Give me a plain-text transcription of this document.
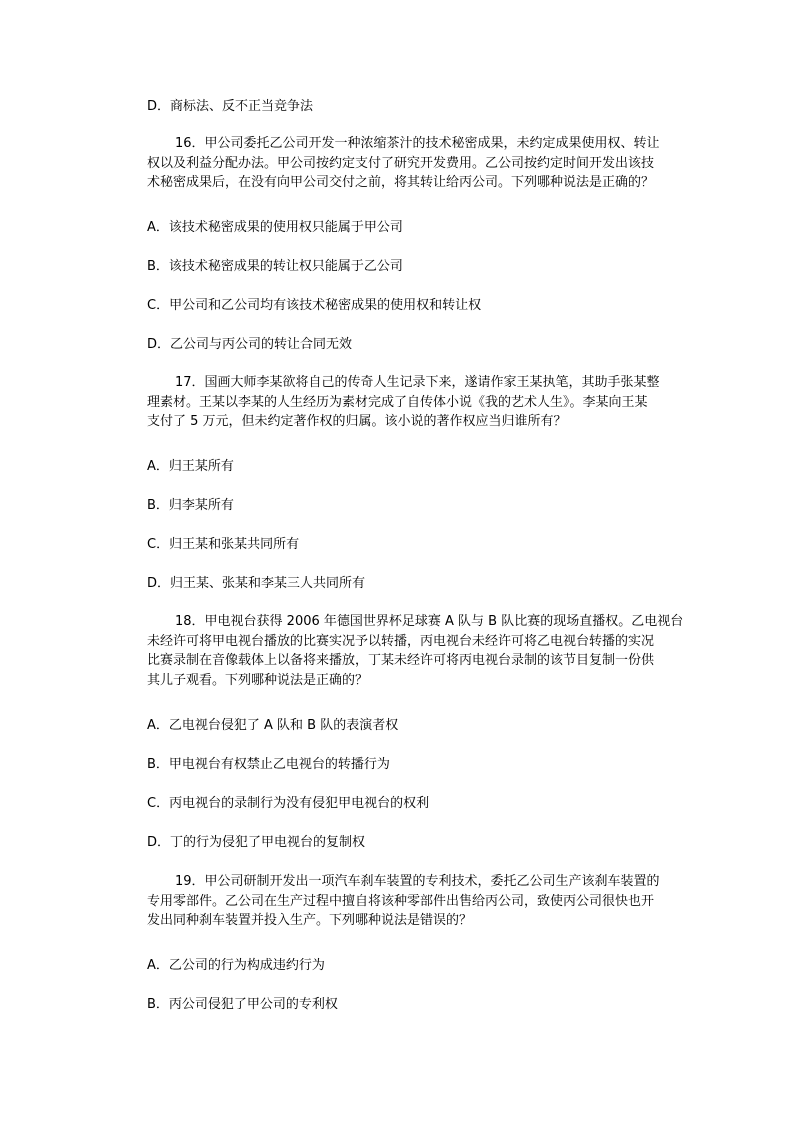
D．商标法、反不正当竞争法
16．甲公司委托乙公司开发一种浓缩茶汁的技术秘密成果，未约定成果使用权、转让
权以及利益分配办法。甲公司按约定支付了研究开发费用。乙公司按约定时间开发出该技
术秘密成果后，在没有向甲公司交付之前，将其转让给丙公司。下列哪种说法是正确的？
A．该技术秘密成果的使用权只能属于甲公司
B．该技术秘密成果的转让权只能属于乙公司
C．甲公司和乙公司均有该技术秘密成果的使用权和转让权
D．乙公司与丙公司的转让合同无效
17．国画大师李某欲将自己的传奇人生记录下来，遂请作家王某执笔，其助手张某整
理素材。王某以李某的人生经历为素材完成了自传体小说《我的艺术人生》。李某向王某
支付了 5 万元，但未约定著作权的归属。该小说的著作权应当归谁所有？
A．归王某所有
B．归李某所有
C．归王某和张某共同所有
D．归王某、张某和李某三人共同所有
18．甲电视台获得 2006 年德国世界杯足球赛 A 队与 B 队比赛的现场直播权。乙电视台
未经许可将甲电视台播放的比赛实况予以转播，丙电视台未经许可将乙电视台转播的实况
比赛录制在音像载体上以备将来播放，丁某未经许可将丙电视台录制的该节目复制一份供
其儿子观看。下列哪种说法是正确的？
A．乙电视台侵犯了 A 队和 B 队的表演者权
B．甲电视台有权禁止乙电视台的转播行为
C．丙电视台的录制行为没有侵犯甲电视台的权利
D．丁的行为侵犯了甲电视台的复制权
19．甲公司研制开发出一项汽车刹车装置的专利技术，委托乙公司生产该刹车装置的
专用零部件。乙公司在生产过程中擅自将该种零部件出售给丙公司，致使丙公司很快也开
发出同种刹车装置并投入生产。下列哪种说法是错误的？
A．乙公司的行为构成违约行为
B．丙公司侵犯了甲公司的专利权
